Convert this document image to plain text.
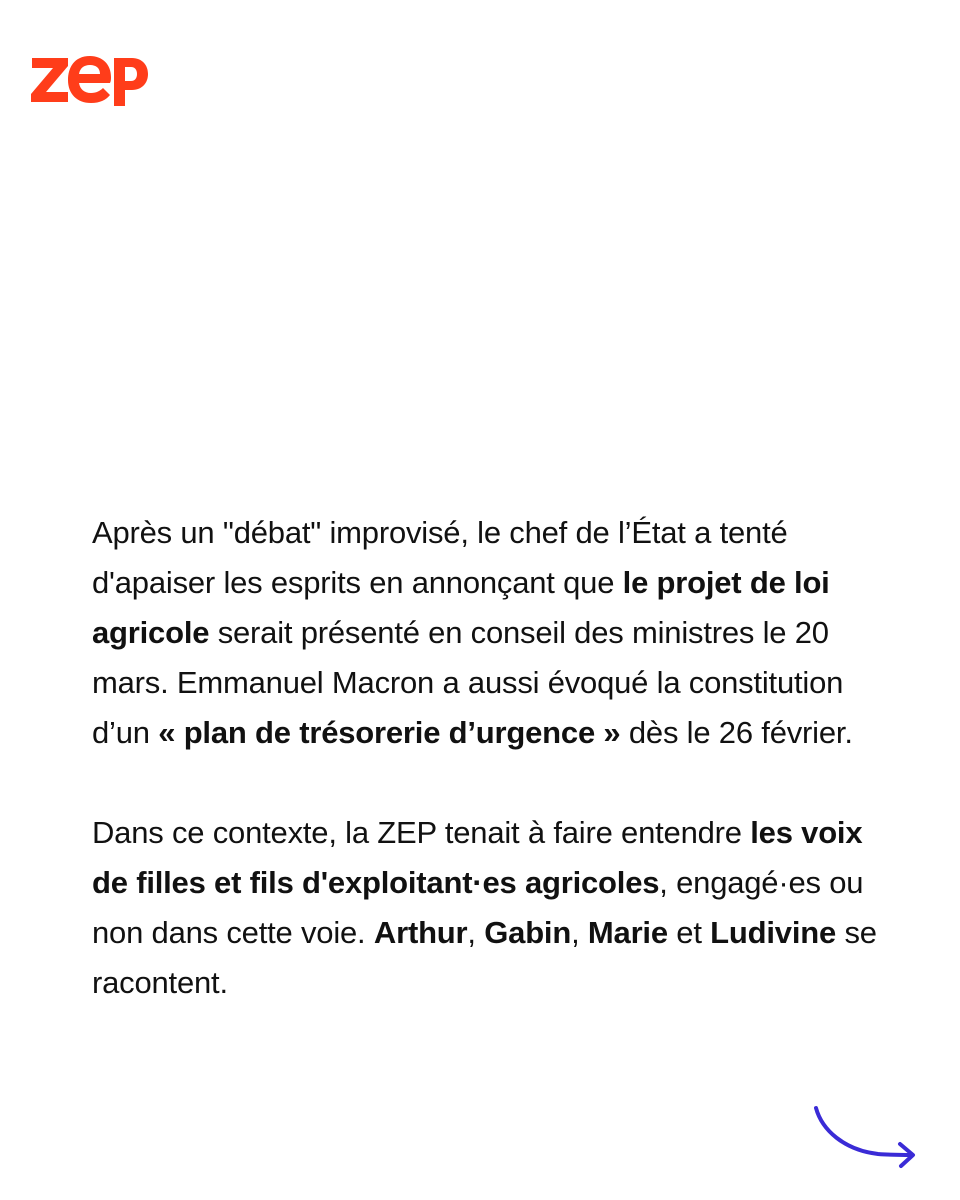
Après un "débat" improvisé, le chef de l’État a tenté d'apaiser les esprits en annonçant que le projet de loi agricole serait présenté en conseil des ministres le 20 mars. Emmanuel Macron a aussi évoqué la constitution d’un « plan de trésorerie d’urgence » dès le 26 février.

Dans ce contexte, la ZEP tenait à faire entendre les voix de filles et fils d'exploitant·es agricoles, engagé·es ou non dans cette voie. Arthur, Gabin, Marie et Ludivine se racontent.
